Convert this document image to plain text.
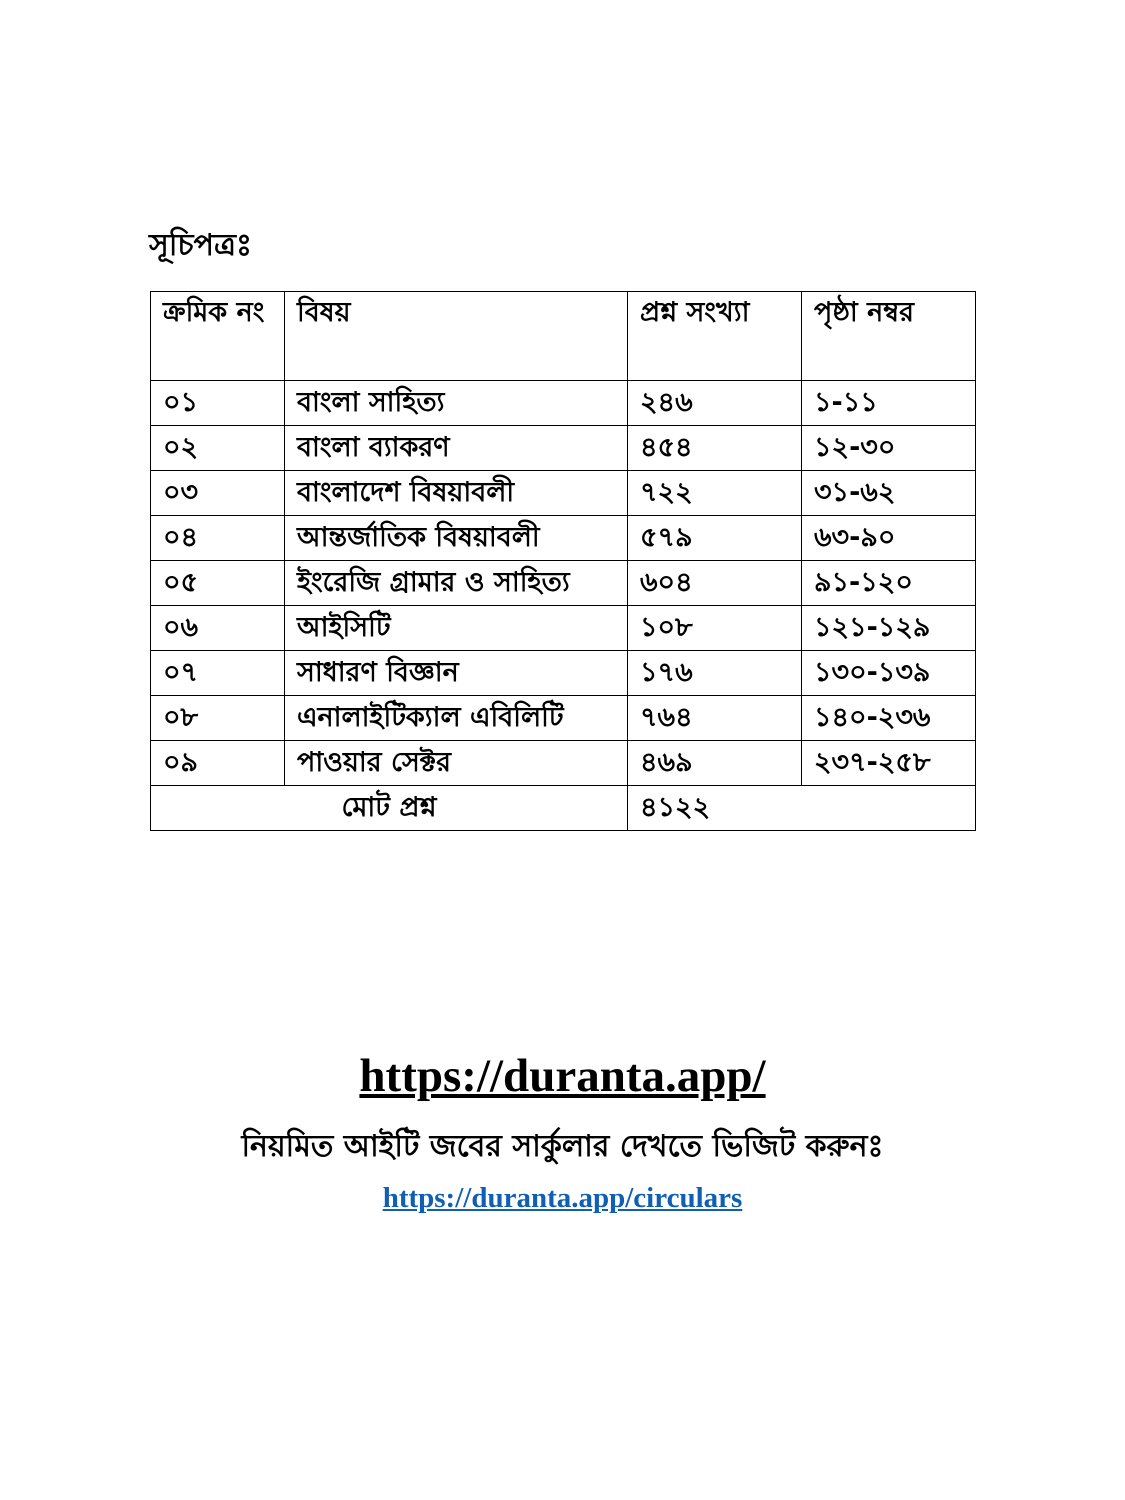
সূচিপত্রঃ
ক্রমিক নং	বিষয়	প্রশ্ন সংখ্যা	পৃষ্ঠা নম্বর
০১	বাংলা সাহিত্য	২৪৬	১-১১
০২	বাংলা ব্যাকরণ	৪৫৪	১২-৩০
০৩	বাংলাদেশ বিষয়াবলী	৭২২	৩১-৬২
০৪	আন্তর্জাতিক বিষয়াবলী	৫৭৯	৬৩-৯০
০৫	ইংরেজি গ্রামার ও সাহিত্য	৬০৪	৯১-১২০
০৬	আইসিটি	১০৮	১২১-১২৯
০৭	সাধারণ বিজ্ঞান	১৭৬	১৩০-১৩৯
০৮	এনালাইটিক্যাল এবিলিটি	৭৬৪	১৪০-২৩৬
০৯	পাওয়ার সেক্টর	৪৬৯	২৩৭-২৫৮
মোট প্রশ্ন		৪১২২	
https://duranta.app/
নিয়মিত আইটি জবের সার্কুলার দেখতে ভিজিট করুনঃ
https://duranta.app/circulars
